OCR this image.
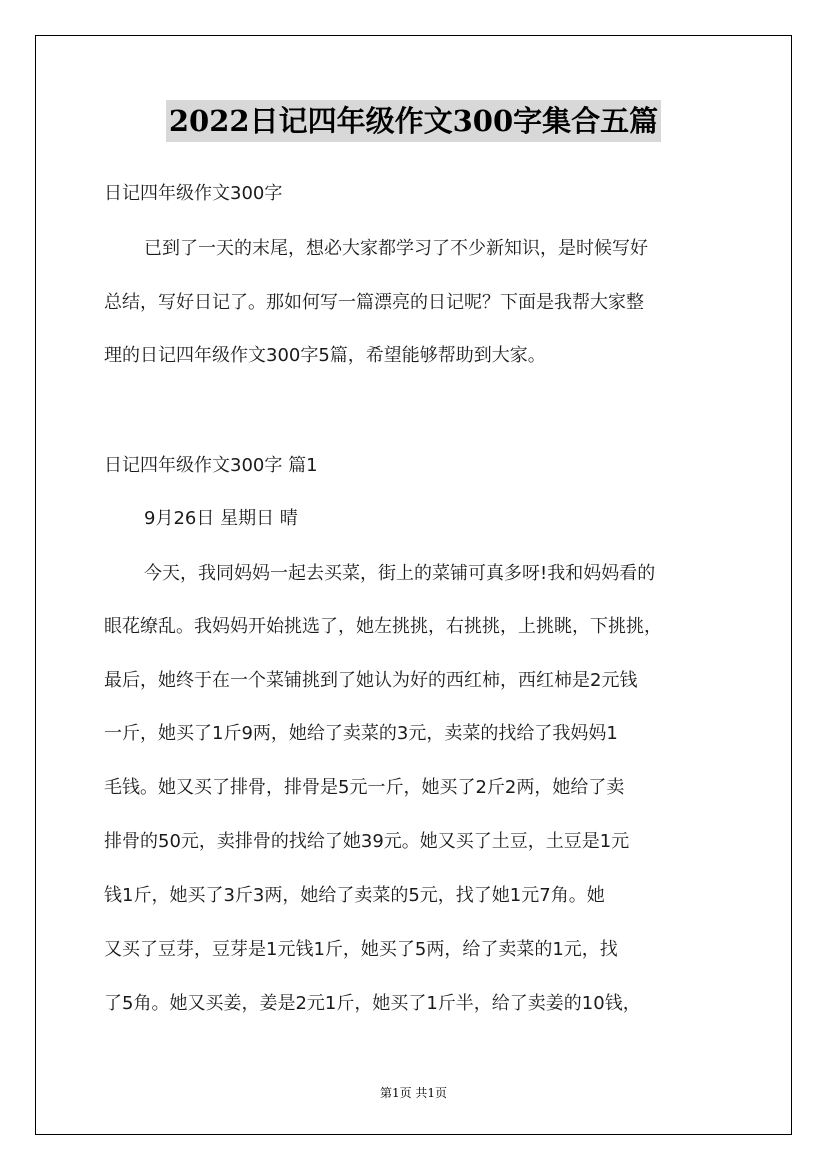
2022日记四年级作文300字集合五篇
日记四年级作文300字
已到了一天的末尾，想必大家都学习了不少新知识，是时候写好
总结，写好日记了。那如何写一篇漂亮的日记呢？下面是我帮大家整
理的日记四年级作文300字5篇，希望能够帮助到大家。
日记四年级作文300字 篇1
9月26日 星期日 晴
今天，我同妈妈一起去买菜，街上的菜铺可真多呀!我和妈妈看的
眼花缭乱。我妈妈开始挑选了，她左挑挑，右挑挑，上挑眺，下挑挑，
最后，她终于在一个菜铺挑到了她认为好的西红柿，西红柿是2元钱
一斤，她买了1斤9两，她给了卖菜的3元，卖菜的找给了我妈妈1
毛钱。她又买了排骨，排骨是5元一斤，她买了2斤2两，她给了卖
排骨的50元，卖排骨的找给了她39元。她又买了土豆，土豆是1元
钱1斤，她买了3斤3两，她给了卖菜的5元，找了她1元7角。她
又买了豆芽，豆芽是1元钱1斤，她买了5两，给了卖菜的1元，找
了5角。她又买姜，姜是2元1斤，她买了1斤半，给了卖姜的10钱，
第1页 共1页
